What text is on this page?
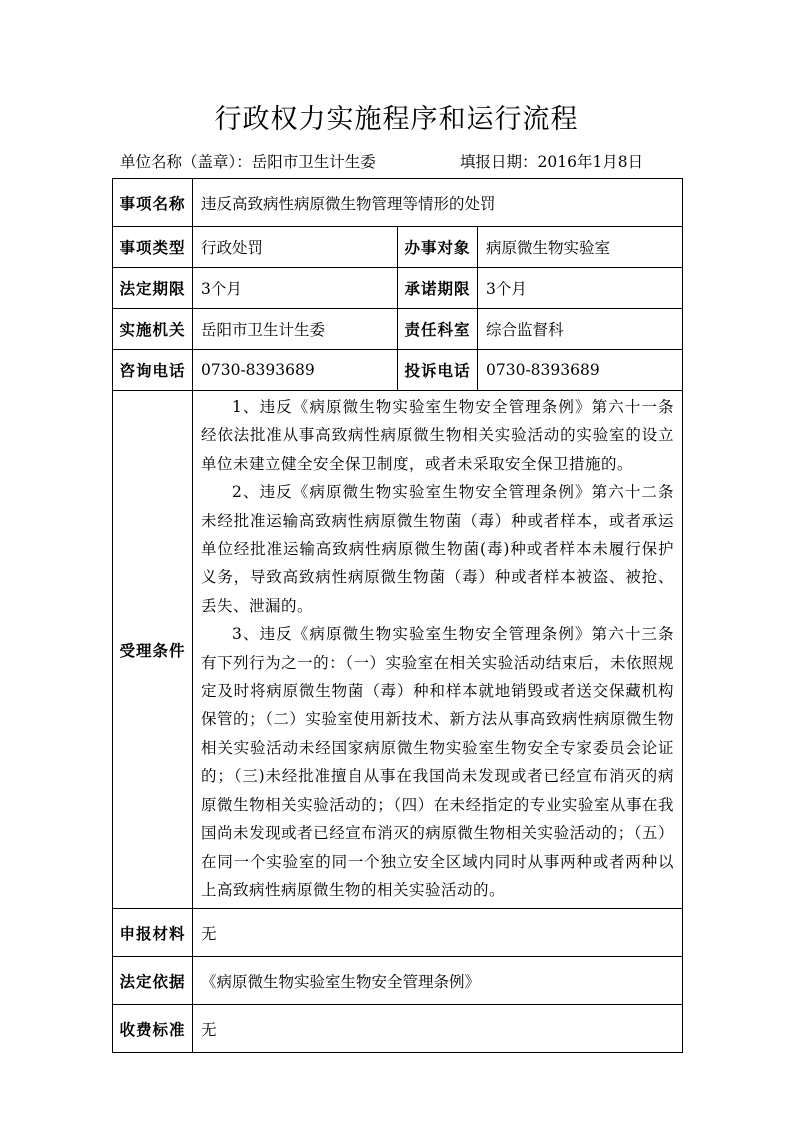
行政权力实施程序和运行流程
单位名称（盖章）：岳阳市卫生计生委	填报日期：2016年1月8日
事项名称	违反高致病性病原微生物管理等情形的处罚		
事项类型	行政处罚	办事对象	病原微生物实验室
法定期限	3个月	承诺期限	3个月
实施机关	岳阳市卫生计生委	责任科室	综合监督科
咨询电话	0730-8393689	投诉电话	0730-8393689
受理条件	1、违反《病原微生物实验室生物安全管理条例》第六十一条　经依法批准从事高致病性病原微生物相关实验活动的实验室的设立单位未建立健全安全保卫制度，或者未采取安全保卫措施的。

2、违反《病原微生物实验室生物安全管理条例》第六十二条　未经批准运输高致病性病原微生物菌（毒）种或者样本，或者承运单位经批准运输高致病性病原微生物菌(毒)种或者样本未履行保护义务，导致高致病性病原微生物菌（毒）种或者样本被盗、被抢、丢失、泄漏的。

3、违反《病原微生物实验室生物安全管理条例》第六十三条　有下列行为之一的：（一）实验室在相关实验活动结束后，未依照规定及时将病原微生物菌（毒）种和样本就地销毁或者送交保藏机构保管的；（二）实验室使用新技术、新方法从事高致病性病原微生物相关实验活动未经国家病原微生物实验室生物安全专家委员会论证的；（三)未经批准擅自从事在我国尚未发现或者已经宣布消灭的病原微生物相关实验活动的；（四）在未经指定的专业实验室从事在我国尚未发现或者已经宣布消灭的病原微生物相关实验活动的；（五）在同一个实验室的同一个独立安全区域内同时从事两种或者两种以上高致病性病原微生物的相关实验活动的。		

申报材料	无		
法定依据	《病原微生物实验室生物安全管理条例》		
收费标准	无		
